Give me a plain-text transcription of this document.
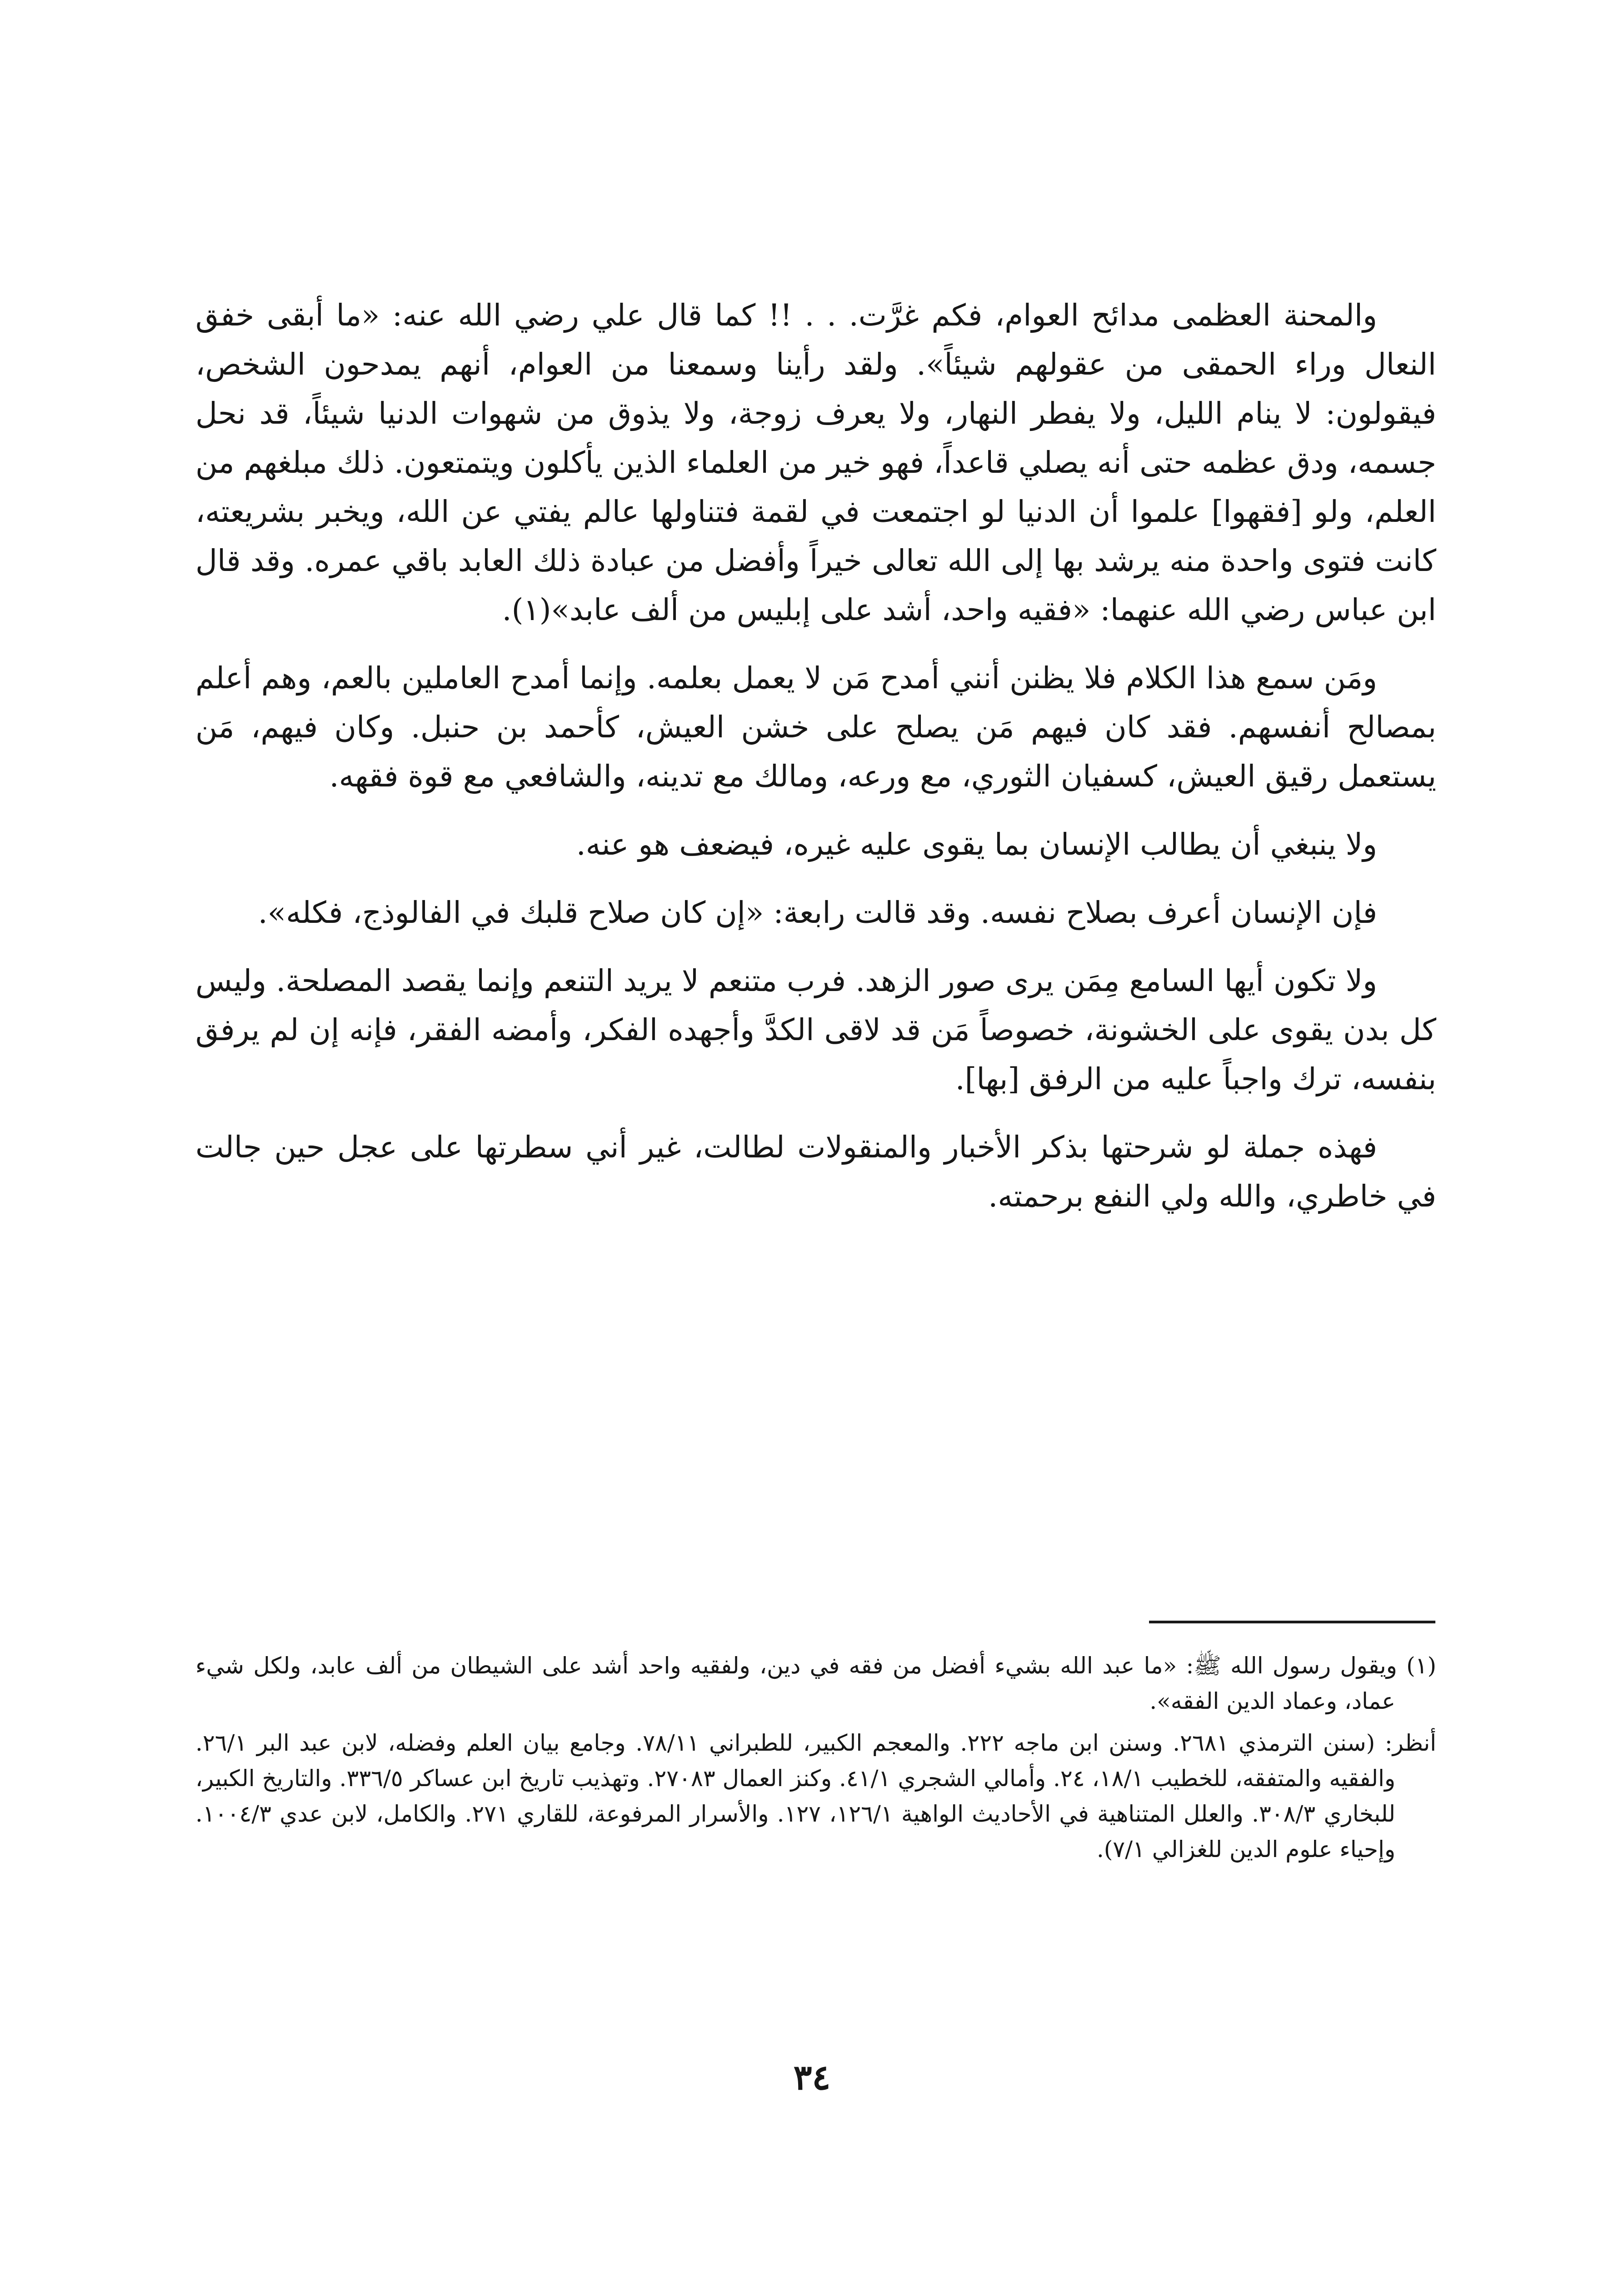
والمحنة العظمى مدائح العوام، فكم غرَّت. . . !! كما قال علي رضي الله عنه: «ما أبقى خفق النعال وراء الحمقى من عقولهم شيئاً». ولقد رأينا وسمعنا من العوام، أنهم يمدحون الشخص، فيقولون: لا ينام الليل، ولا يفطر النهار، ولا يعرف زوجة، ولا يذوق من شهوات الدنيا شيئاً، قد نحل جسمه، ودق عظمه حتى أنه يصلي قاعداً، فهو خير من العلماء الذين يأكلون ويتمتعون. ذلك مبلغهم من العلم، ولو [فقهوا] علموا أن الدنيا لو اجتمعت في لقمة فتناولها عالم يفتي عن الله، ويخبر بشريعته، كانت فتوى واحدة منه يرشد بها إلى الله تعالى خيراً وأفضل من عبادة ذلك العابد باقي عمره. وقد قال ابن عباس رضي الله عنهما: «فقيه واحد، أشد على إبليس من ألف عابد»(١).

ومَن سمع هذا الكلام فلا يظنن أنني أمدح مَن لا يعمل بعلمه. وإنما أمدح العاملين بالعم، وهم أعلم بمصالح أنفسهم. فقد كان فيهم مَن يصلح على خشن العيش، كأحمد بن حنبل. وكان فيهم، مَن يستعمل رقيق العيش، كسفيان الثوري، مع ورعه، ومالك مع تدينه، والشافعي مع قوة فقهه.

ولا ينبغي أن يطالب الإنسان بما يقوى عليه غيره، فيضعف هو عنه.

فإن الإنسان أعرف بصلاح نفسه. وقد قالت رابعة: «إن كان صلاح قلبك في الفالوذج، فكله».

ولا تكون أيها السامع مِمَن يرى صور الزهد. فرب متنعم لا يريد التنعم وإنما يقصد المصلحة. وليس كل بدن يقوى على الخشونة، خصوصاً مَن قد لاقى الكدَّ وأجهده الفكر، وأمضه الفقر، فإنه إن لم يرفق بنفسه، ترك واجباً عليه من الرفق [بها].

فهذه جملة لو شرحتها بذكر الأخبار والمنقولات لطالت، غير أني سطرتها على عجل حين جالت في خاطري، والله ولي النفع برحمته.

(١) ويقول رسول الله ﷺ: «ما عبد الله بشيء أفضل من فقه في دين، ولفقيه واحد أشد على الشيطان من ألف عابد، ولكل شيء عماد، وعماد الدين الفقه».

أنظر: (سنن الترمذي ٢٦٨١. وسنن ابن ماجه ٢٢٢. والمعجم الكبير، للطبراني ٧٨/١١. وجامع بيان العلم وفضله، لابن عبد البر ٢٦/١. والفقيه والمتفقه، للخطيب ١٨/١، ٢٤. وأمالي الشجري ٤١/١. وكنز العمال ٢٧٠٨٣. وتهذيب تاريخ ابن عساكر ٣٣٦/٥. والتاريخ الكبير، للبخاري ٣٠٨/٣. والعلل المتناهية في الأحاديث الواهية ١٢٦/١، ١٢٧. والأسرار المرفوعة، للقاري ٢٧١. والكامل، لابن عدي ١٠٠٤/٣. وإحياء علوم الدين للغزالي ٧/١).

٣٤
